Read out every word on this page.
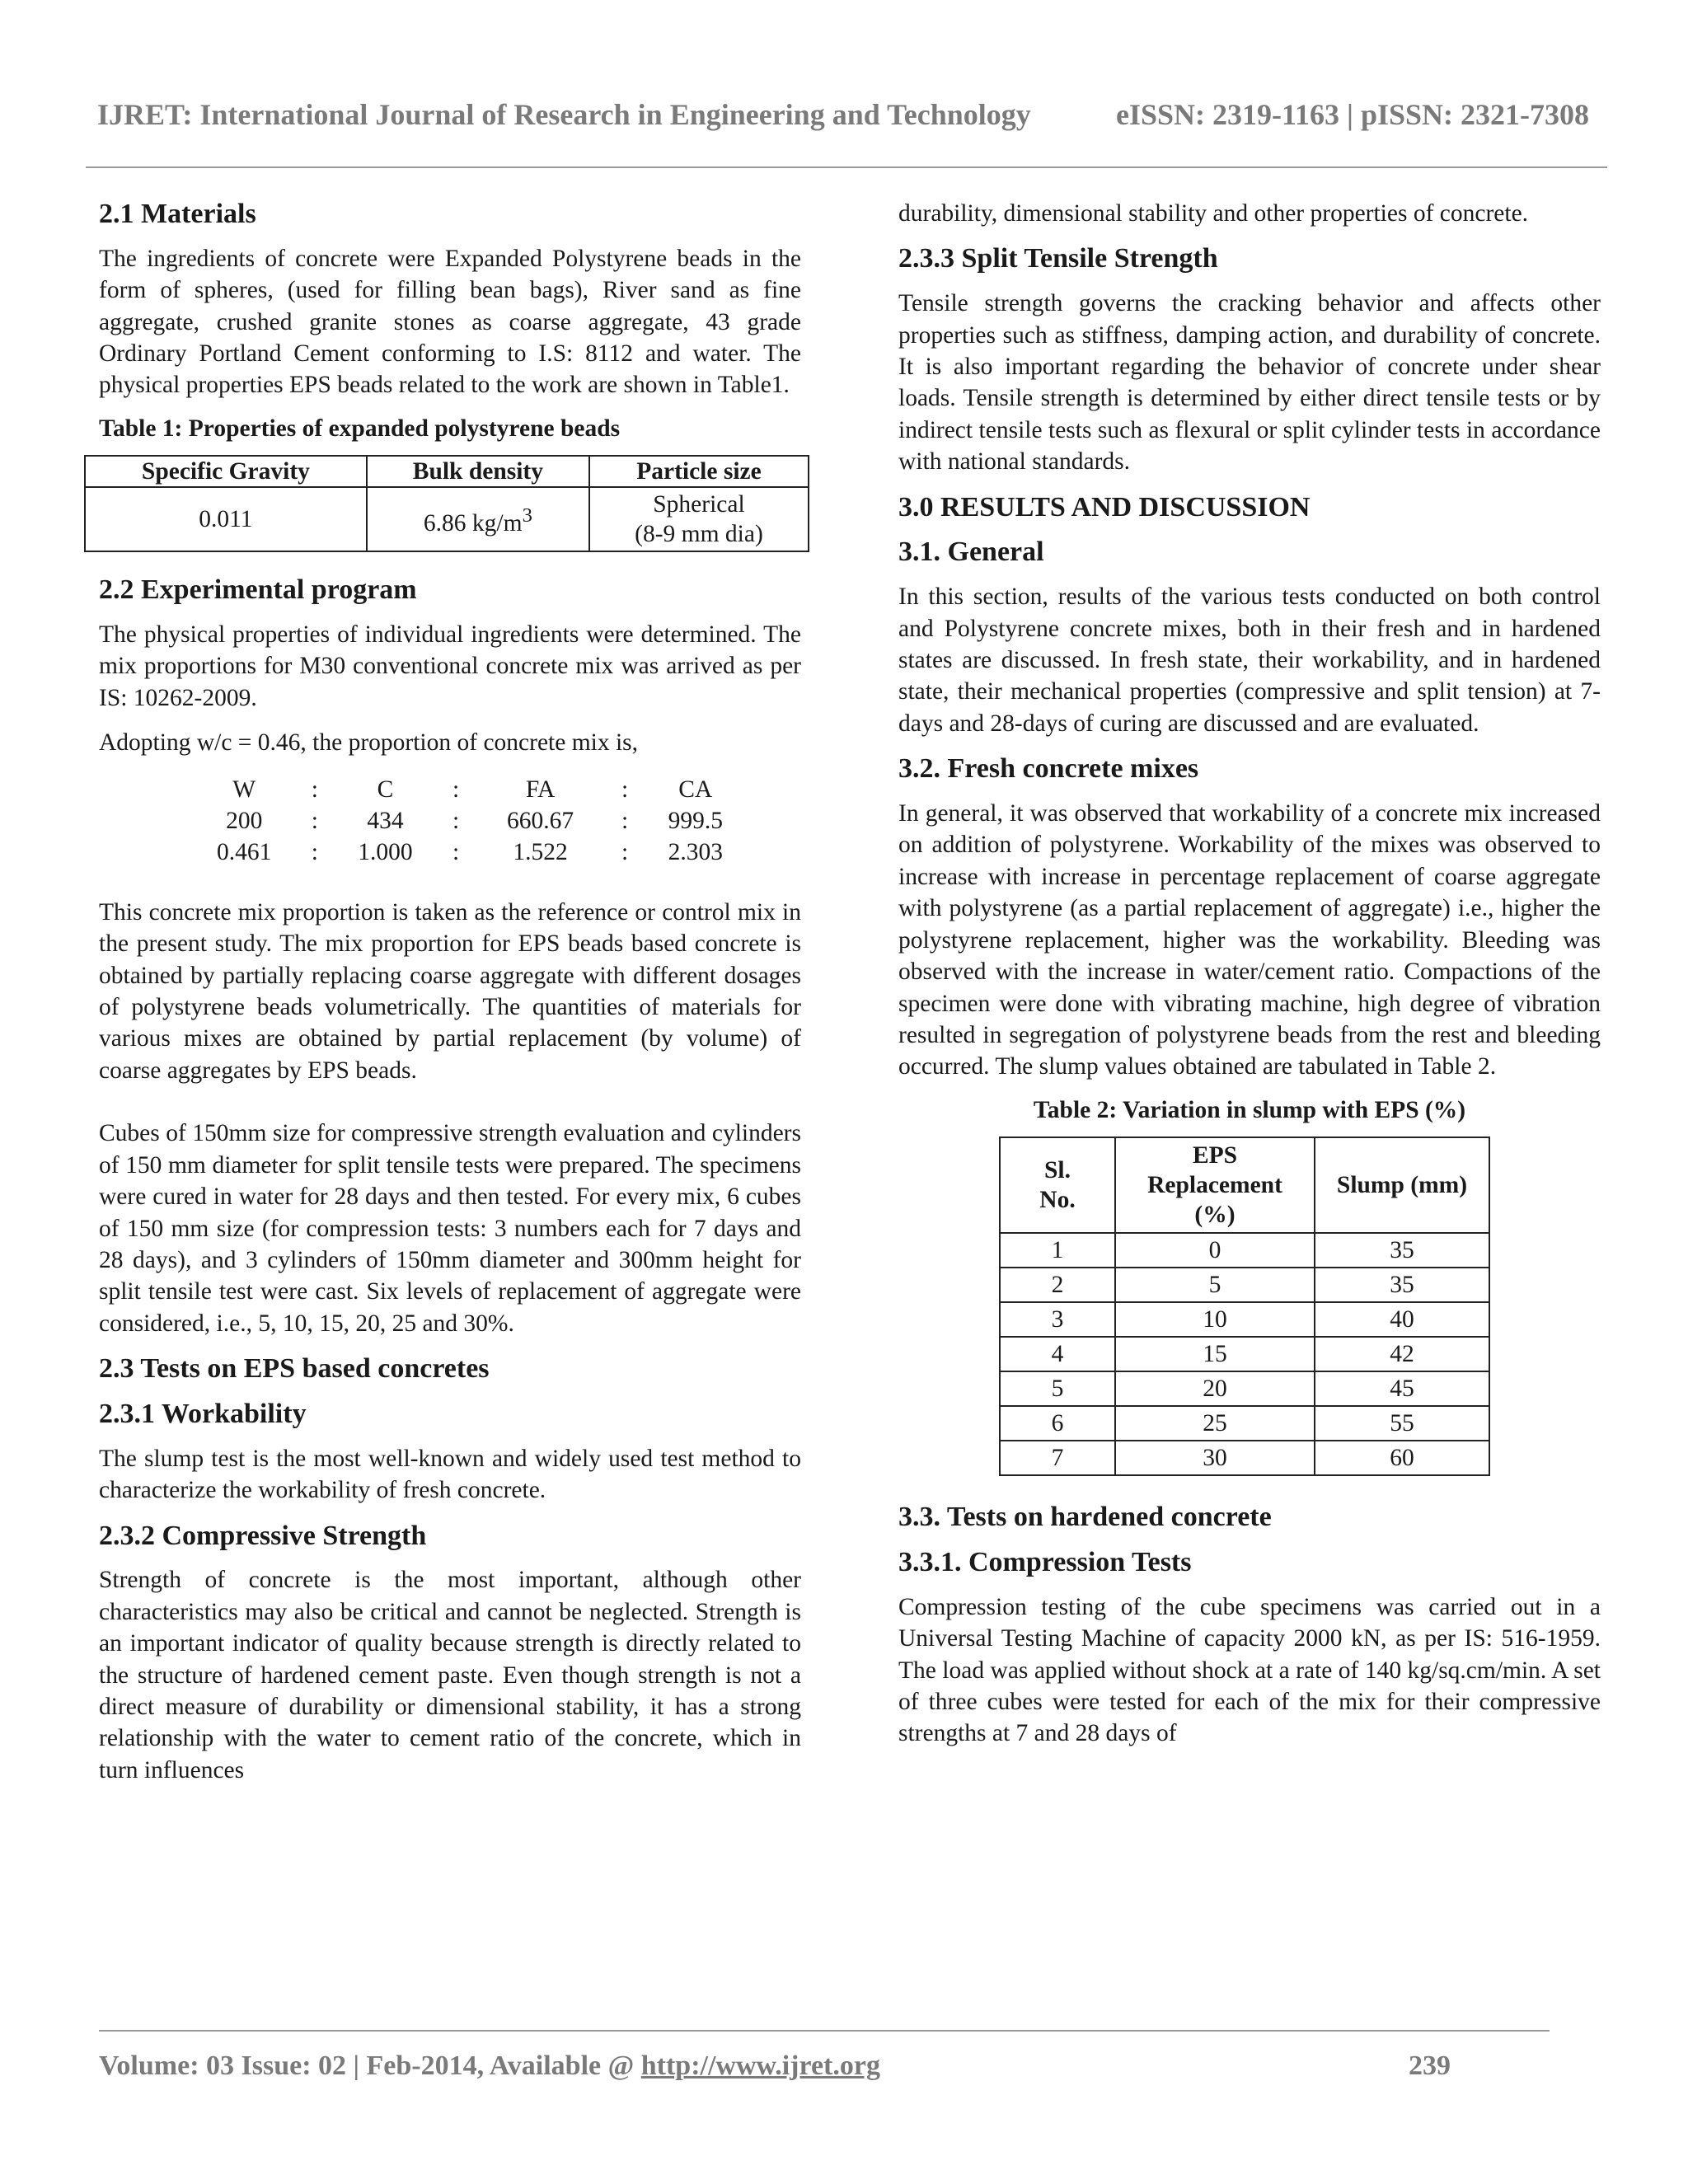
IJRET: International Journal of Research in Engineering and Technology	eISSN: 2319-1163 | pISSN: 2321-7308
2.1 Materials

The ingredients of concrete were Expanded Polystyrene beads in the form of spheres, (used for filling bean bags), River sand as fine aggregate, crushed granite stones as coarse aggregate, 43 grade Ordinary Portland Cement conforming to I.S: 8112 and water. The physical properties EPS beads related to the work are shown in Table1.

Table 1: Properties of expanded polystyrene beads
Specific Gravity	Bulk density	Particle size
0.011	6.86 $kg/m^3$	Spherical
(8-9 mm dia)
2.2 Experimental program

The physical properties of individual ingredients were determined. The mix proportions for M30 conventional concrete mix was arrived as per IS: 10262-2009.

Adopting w/c = 0.46, the proportion of concrete mix is,

W	:	C	:	FA	:	CA
200	:	434	:	660.67	:	999.5
0.461	:	1.000	:	1.522	:	2.303

This concrete mix proportion is taken as the reference or control mix in the present study. The mix proportion for EPS beads based concrete is obtained by partially replacing coarse aggregate with different dosages of polystyrene beads volumetrically. The quantities of materials for various mixes are obtained by partial replacement (by volume) of coarse aggregates by EPS beads.

Cubes of 150mm size for compressive strength evaluation and cylinders of 150 mm diameter for split tensile tests were prepared. The specimens were cured in water for 28 days and then tested. For every mix, 6 cubes of 150 mm size (for compression tests: 3 numbers each for 7 days and 28 days), and 3 cylinders of 150mm diameter and 300mm height for split tensile test were cast. Six levels of replacement of aggregate were considered, i.e., 5, 10, 15, 20, 25 and 30%.

2.3 Tests on EPS based concretes
2.3.1 Workability

The slump test is the most well-known and widely used test method to characterize the workability of fresh concrete.

2.3.2 Compressive Strength

Strength of concrete is the most important, although other characteristics may also be critical and cannot be neglected. Strength is an important indicator of quality because strength is directly related to the structure of hardened cement paste. Even though strength is not a direct measure of durability or dimensional stability, it has a strong relationship with the water to cement ratio of the concrete, which in turn influences

durability, dimensional stability and other properties of concrete.

2.3.3 Split Tensile Strength

Tensile strength governs the cracking behavior and affects other properties such as stiffness, damping action, and durability of concrete. It is also important regarding the behavior of concrete under shear loads. Tensile strength is determined by either direct tensile tests or by indirect tensile tests such as flexural or split cylinder tests in accordance with national standards.

3.0 RESULTS AND DISCUSSION
3.1. General

In this section, results of the various tests conducted on both control and Polystyrene concrete mixes, both in their fresh and in hardened states are discussed. In fresh state, their workability, and in hardened state, their mechanical properties (compressive and split tension) at 7-days and 28-days of curing are discussed and are evaluated.

3.2. Fresh concrete mixes

In general, it was observed that workability of a concrete mix increased on addition of polystyrene. Workability of the mixes was observed to increase with increase in percentage replacement of coarse aggregate with polystyrene (as a partial replacement of aggregate) i.e., higher the polystyrene replacement, higher was the workability. Bleeding was observed with the increase in water/cement ratio. Compactions of the specimen were done with vibrating machine, high degree of vibration resulted in segregation of polystyrene beads from the rest and bleeding occurred. The slump values obtained are tabulated in Table 2.

Table 2: Variation in slump with EPS (%)
Sl.
No.	EPS
Replacement
(%)	Slump (mm)
1	0	35
2	5	35
3	10	40
4	15	42
5	20	45
6	25	55
7	30	60
3.3. Tests on hardened concrete
3.3.1. Compression Tests

Compression testing of the cube specimens was carried out in a Universal Testing Machine of capacity 2000 kN, as per IS: 516-1959. The load was applied without shock at a rate of 140 kg/sq.cm/min. A set of three cubes were tested for each of the mix for their compressive strengths at 7 and 28 days of

Volume: 03 Issue: 02 | Feb-2014, Available @ http://www.ijret.org	239
